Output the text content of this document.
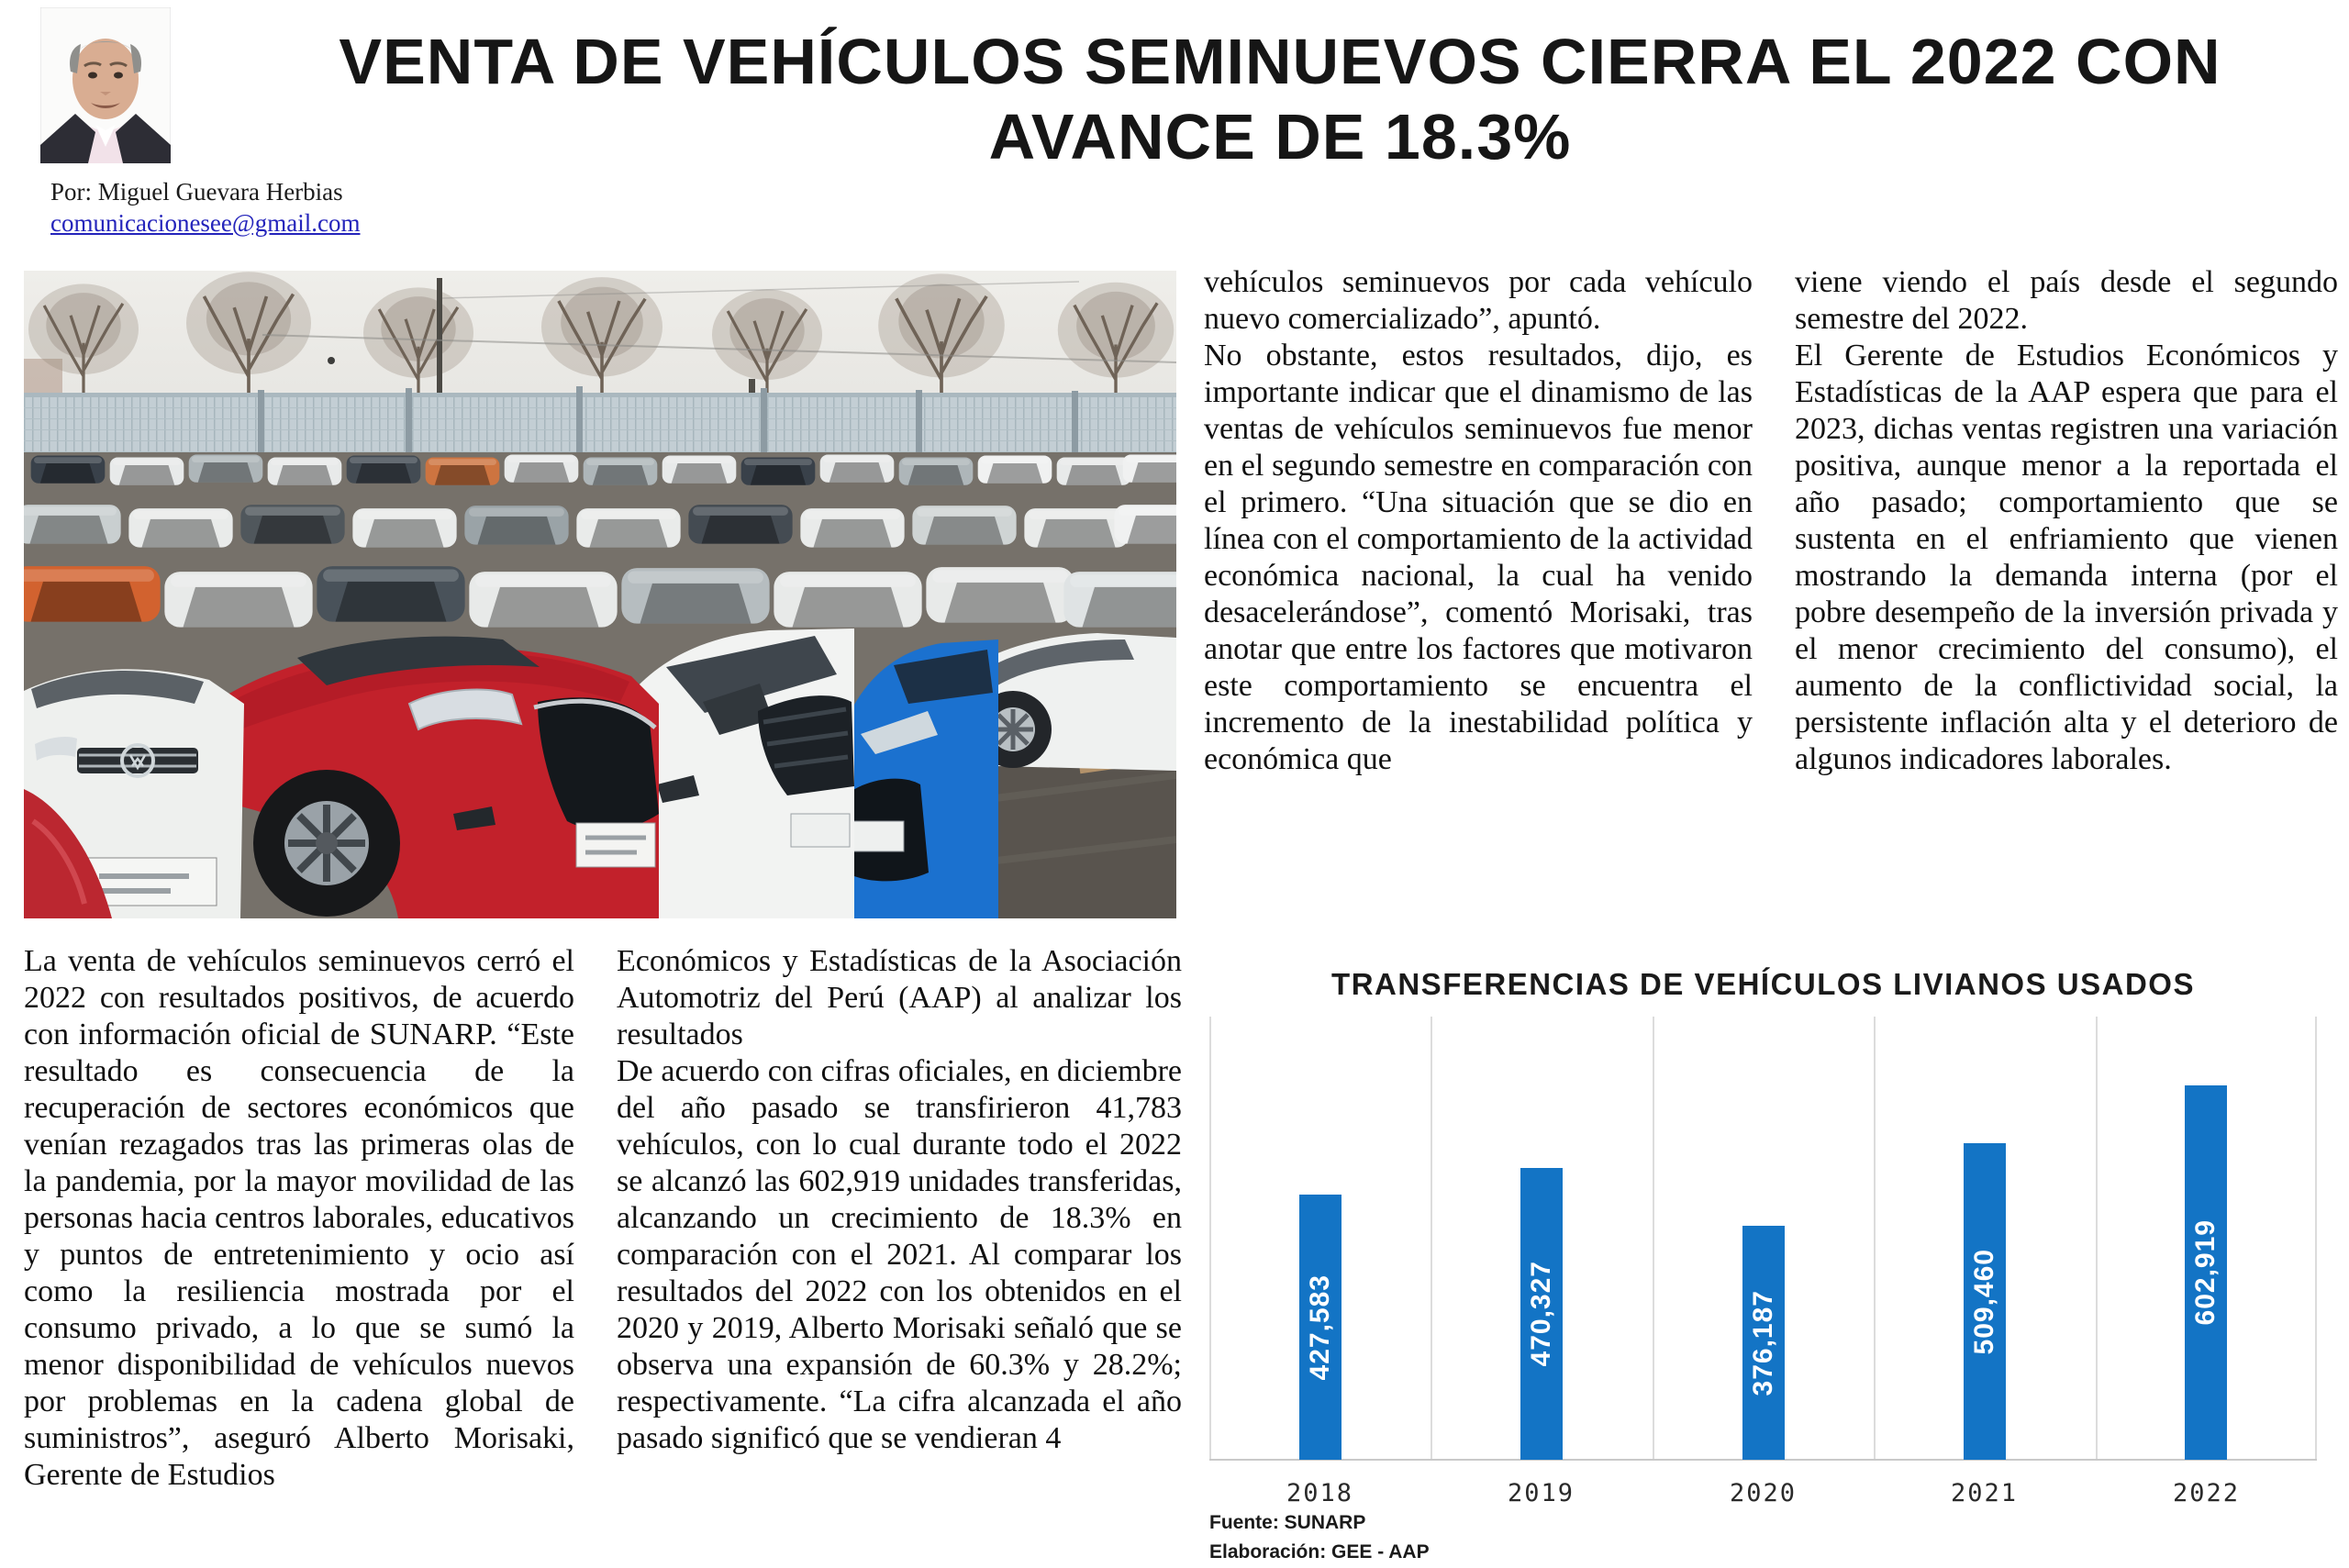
Por: Miguel Guevara Herbias
comunicacionesee@gmail.com
VENTA DE VEHÍCULOS SEMINUEVOS CIERRA EL 2022 CON
AVANCE DE 18.3%

La venta de vehículos seminuevos cerró el 2022 con resultados positivos, de acuerdo con información oficial de SUNARP. “Este resultado es consecuencia de la recuperación de sectores económicos que venían rezagados tras las primeras olas de la pandemia, por la mayor movilidad de las personas hacia centros laborales, educativos y puntos de entretenimiento y ocio así como la resiliencia mostrada por el consumo privado, a lo que se sumó la menor disponibilidad de vehículos nuevos por problemas en la cadena global de suministros”, aseguró Alberto Morisaki, Gerente de Estudios

Económicos y Estadísticas de la Asociación Automotriz del Perú (AAP) al analizar los resultados

De acuerdo con cifras oficiales, en diciembre del año pasado se transfirieron 41,783 vehículos, con lo cual durante todo el 2022 se alcanzó las 602,919 unidades transferidas, alcanzando un crecimiento de 18.3% en comparación con el 2021. Al comparar los resultados del 2022 con los obtenidos en el 2020 y 2019, Alberto Morisaki señaló que se observa una expansión de 60.3% y 28.2%; respectivamente. “La cifra alcanzada el año pasado significó que se vendieran 4

vehículos seminuevos por cada vehículo nuevo comercializado”, apuntó.

No obstante, estos resultados, dijo, es importante indicar que el dinamismo de las ventas de vehículos seminuevos fue menor en el segundo semestre en comparación con el primero. “Una situación que se dio en línea con el comportamiento de la actividad económica nacional, la cual ha venido desacelerándose”, comentó Morisaki, tras anotar que entre los factores que motivaron este comportamiento se encuentra el incremento de la inestabilidad política y económica que

viene viendo el país desde el segundo semestre del 2022.

El Gerente de Estudios Económicos y Estadísticas de la AAP espera que para el 2023, dichas ventas registren una variación positiva, aunque menor a la reportada el año pasado; comportamiento que se sustenta en el enfriamiento que vienen mostrando la demanda interna (por el pobre desempeño de la inversión privada y el menor crecimiento del consumo), el aumento de la conflictividad social, la persistente inflación alta y el deterioro de algunos indicadores laborales.

TRANSFERENCIAS DE VEHÍCULOS LIVIANOS USADOS
427,583	470,327	376,187	509,460	602,919
2018	2019	2020	2021	2022
Fuente: SUNARP
Elaboración: GEE - AAP
